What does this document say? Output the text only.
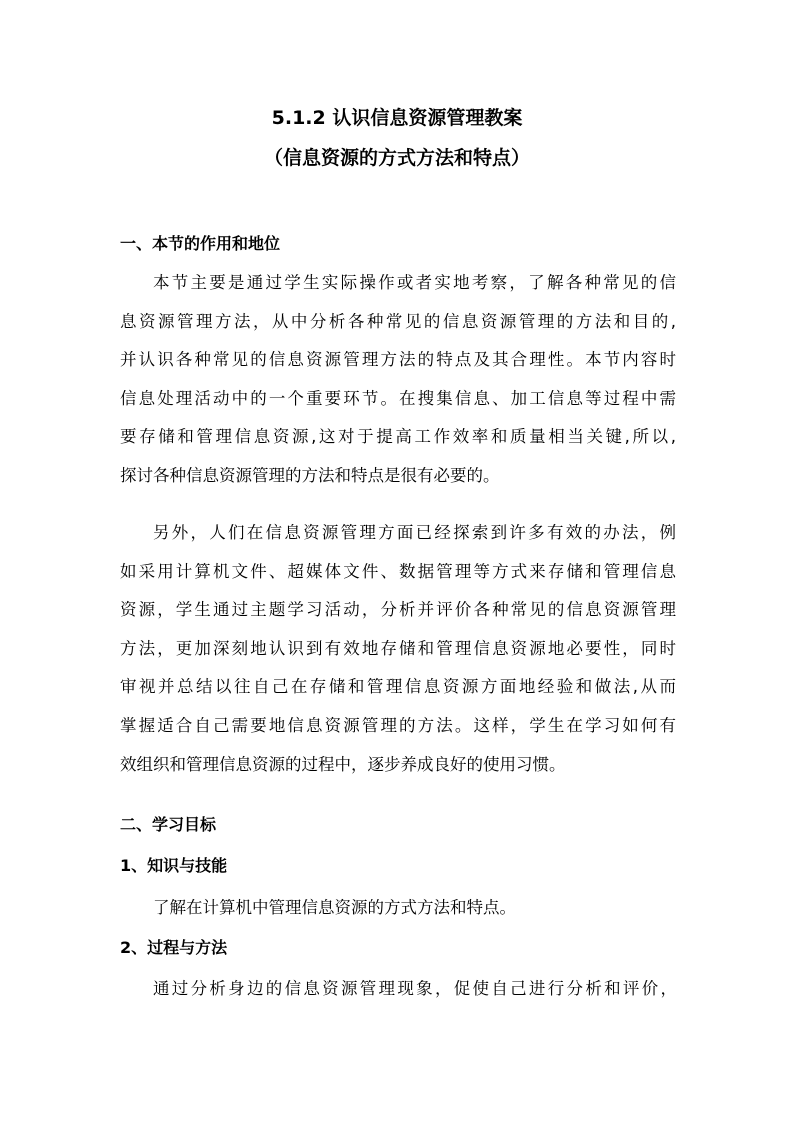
5.1.2 认识信息资源管理教案
（信息资源的方式方法和特点）
一、本节的作用和地位
本节主要是通过学生实际操作或者实地考察，了解各种常见的信
息资源管理方法，从中分析各种常见的信息资源管理的方法和目的,
并认识各种常见的信息资源管理方法的特点及其合理性。本节内容时
信息处理活动中的一个重要环节。在搜集信息、加工信息等过程中需
要存储和管理信息资源,这对于提高工作效率和质量相当关键,所以,
探讨各种信息资源管理的方法和特点是很有必要的。
另外，人们在信息资源管理方面已经探索到许多有效的办法，例
如采用计算机文件、超媒体文件、数据管理等方式来存储和管理信息
资源，学生通过主题学习活动，分析并评价各种常见的信息资源管理
方法，更加深刻地认识到有效地存储和管理信息资源地必要性，同时
审视并总结以往自己在存储和管理信息资源方面地经验和做法,从而
掌握适合自己需要地信息资源管理的方法。这样，学生在学习如何有
效组织和管理信息资源的过程中，逐步养成良好的使用习惯。
二、学习目标
1、知识与技能
了解在计算机中管理信息资源的方式方法和特点。
2、过程与方法
通过分析身边的信息资源管理现象，促使自己进行分析和评价，
